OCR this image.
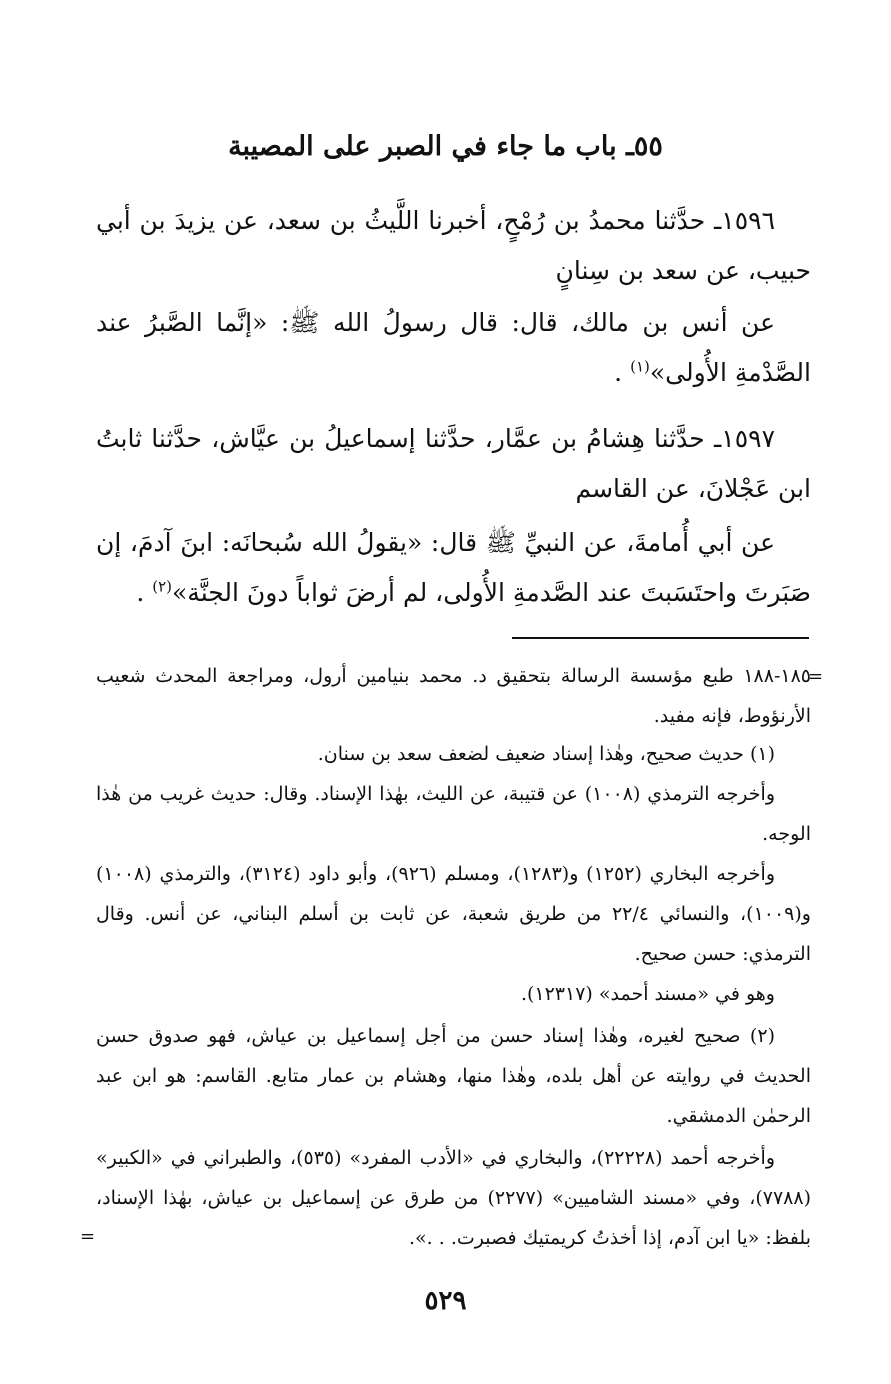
٥٥ـ باب ما جاء في الصبر على المصيبة
١٥٩٦ـ حدَّثنا محمدُ بن رُمْحٍ، أخبرنا اللَّيثُ بن سعد، عن يزيدَ بن أبي حبيب، عن سعد بن سِنانٍ
عن أنس بن مالك، قال: قال رسولُ الله ﷺ: «إنَّما الصَّبرُ عند الصَّدْمةِ الأُولى»$^{(١)}$ .
١٥٩٧ـ حدَّثنا هِشامُ بن عمَّار، حدَّثنا إسماعيلُ بن عيَّاش، حدَّثنا ثابتُ ابن عَجْلانَ، عن القاسم
عن أبي أُمامةَ، عن النبيِّ ﷺ قال: «يقولُ الله سُبحانَه: ابنَ آدمَ، إن صَبَرتَ واحتَسَبتَ عند الصَّدمةِ الأُولى، لم أرضَ ثواباً دونَ الجنَّة»$^{(٢)}$ .
=
١٨٥-١٨٨ طبع مؤسسة الرسالة بتحقيق د. محمد بنيامين أرول، ومراجعة المحدث شعيب الأرنؤوط، فإنه مفيد.
(١) حديث صحيح، وهٰذا إسناد ضعيف لضعف سعد بن سنان.
وأخرجه الترمذي (١٠٠٨) عن قتيبة، عن الليث، بهٰذا الإسناد. وقال: حديث غريب من هٰذا الوجه.
وأخرجه البخاري (١٢٥٢) و(١٢٨٣)، ومسلم (٩٢٦)، وأبو داود (٣١٢٤)، والترمذي (١٠٠٨) و(١٠٠٩)، والنسائي ٢٢/٤ من طريق شعبة، عن ثابت بن أسلم البناني، عن أنس. وقال الترمذي: حسن صحيح.
وهو في «مسند أحمد» (١٢٣١٧).
(٢) صحيح لغيره، وهٰذا إسناد حسن من أجل إسماعيل بن عياش، فهو صدوق حسن الحديث في روايته عن أهل بلده، وهٰذا منها، وهشام بن عمار متابع. القاسم: هو ابن عبد الرحمٰن الدمشقي.
وأخرجه أحمد (٢٢٢٢٨)، والبخاري في «الأدب المفرد» (٥٣٥)، والطبراني في «الكبير» (٧٧٨٨)، وفي «مسند الشاميين» (٢٢٧٧) من طرق عن إسماعيل بن عياش، بهٰذا الإسناد، بلفظ: «يا ابن آدم، إذا أخذتُ كريمتيك فصبرت. . .».
=
٥٢٩
